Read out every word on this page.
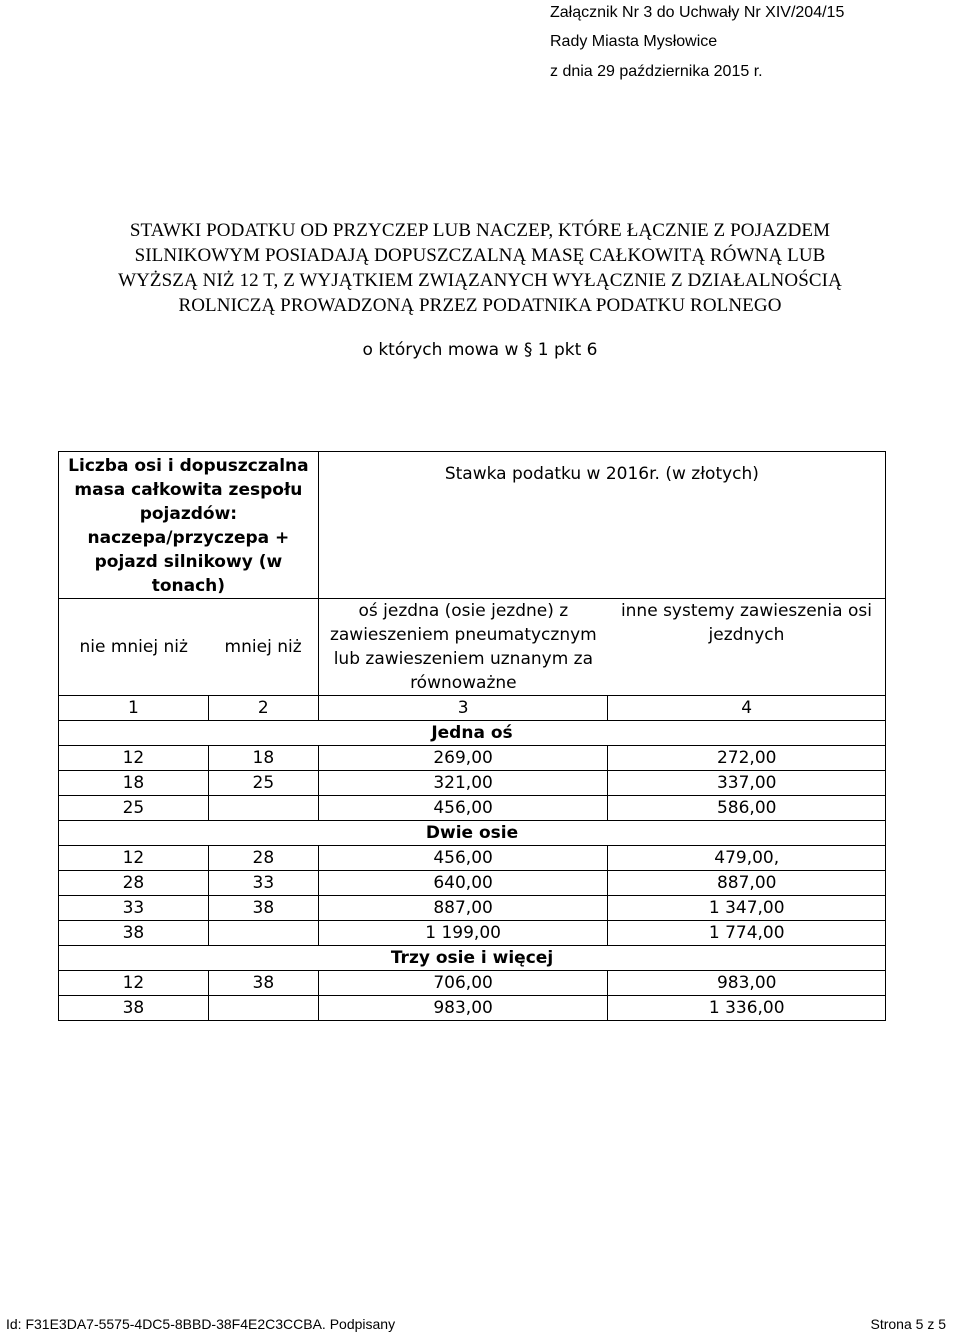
Załącznik Nr 3 do Uchwały Nr XIV/204/15
Rady Miasta Mysłowice
z dnia 29 października 2015 r.
STAWKI PODATKU OD PRZYCZEP LUB NACZEP, KTÓRE ŁĄCZNIE Z POJAZDEM
SILNIKOWYM POSIADAJĄ DOPUSZCZALNĄ MASĘ CAŁKOWITĄ RÓWNĄ LUB
WYŻSZĄ NIŻ 12 T, Z WYJĄTKIEM ZWIĄZANYCH WYŁĄCZNIE Z DZIAŁALNOŚCIĄ
ROLNICZĄ PROWADZONĄ PRZEZ PODATNIKA PODATKU ROLNEGO
o których mowa w § 1 pkt 6
Liczba osi i dopuszczalna masa całkowita zespołu pojazdów: naczepa/przyczepa + pojazd silnikowy (w tonach)		Stawka podatku w 2016r. (w złotych)	
nie mniej niż	mniej niż	oś jezdna (osie jezdne) z zawieszeniem pneumatycznym lub zawieszeniem uznanym za równoważne	inne systemy zawieszenia osi jezdnych
1	2	3	4
Jedna oś			
12	18	269,00	272,00
18	25	321,00	337,00
25		456,00	586,00
Dwie osie			
12	28	456,00	479,00,
28	33	640,00	887,00
33	38	887,00	1 347,00
38		1 199,00	1 774,00
Trzy osie i więcej			
12	38	706,00	983,00
38		983,00	1 336,00
Id: F31E3DA7-5575-4DC5-8BBD-38F4E2C3CCBA. Podpisany	Strona 5 z 5
